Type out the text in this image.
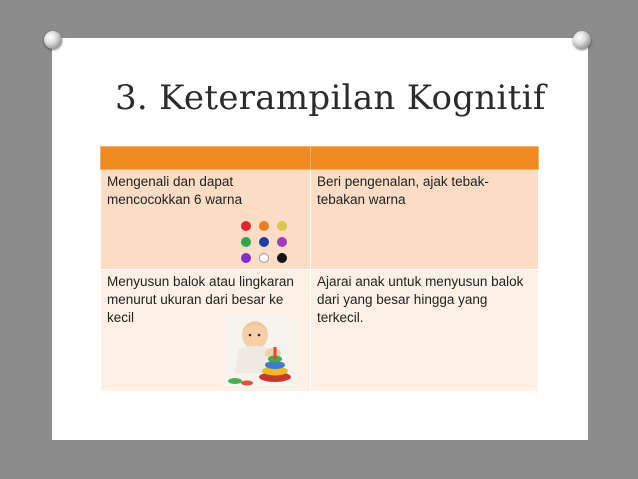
3. Keterampilan Kognitif

Mengenali dan dapat mencocokkan 6 warna	Beri pengenalan, ajak tebak-tebakan warna

Menyusun balok atau lingkaran menurut ukuran dari besar ke kecil	Ajarai anak untuk menyusun balok dari yang besar hingga yang terkecil.
